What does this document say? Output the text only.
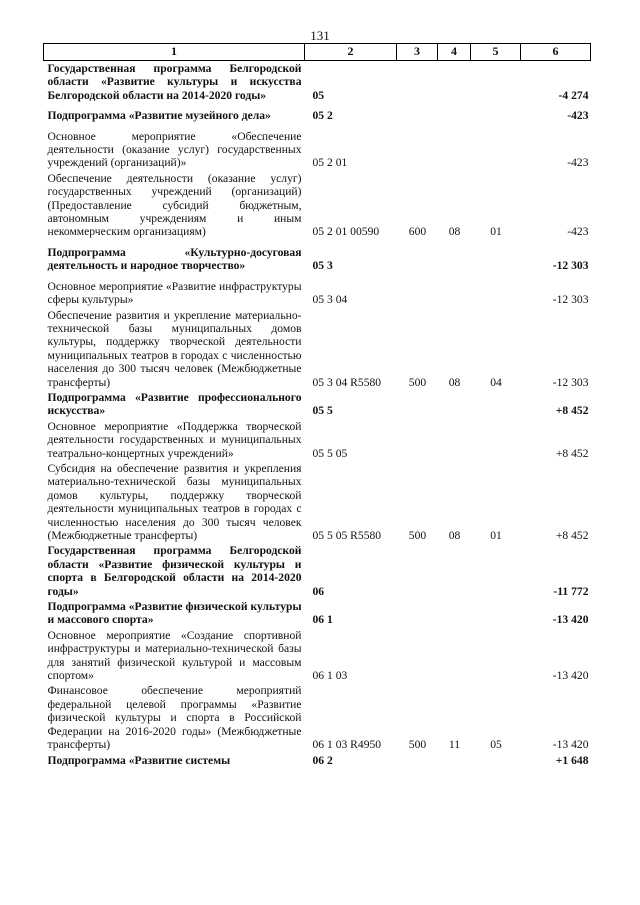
131
1	2	3	4	5	6
Государственная программа Белгородской области «Развитие культуры и искусства Белгородской области на 2014-2020 годы»	05				-4 274
Подпрограмма «Развитие музейного дела»	05 2				-423
Основное мероприятие «Обеспечение деятельности (оказание услуг) государственных учреждений (организаций)»	05 2 01				-423
Обеспечение деятельности (оказание услуг) государственных учреждений (организаций) (Предоставление субсидий бюджетным, автономным учреждениям и иным некоммерческим организациям)	05 2 01 00590	600	08	01	-423
Подпрограмма «Культурно-досуговая деятельность и народное творчество»	05 3				-12 303
Основное мероприятие «Развитие инфраструктуры сферы культуры»	05 3 04				-12 303
Обеспечение развития и укрепление материально-технической базы муниципальных домов культуры, поддержку творческой деятельности муниципальных театров в городах с численностью населения до 300 тысяч человек (Межбюджетные трансферты)	05 3 04 R5580	500	08	04	-12 303
Подпрограмма «Развитие профессионального искусства»	05 5				+8 452
Основное мероприятие «Поддержка творческой деятельности государственных и муниципальных театрально-концертных учреждений»	05 5 05				+8 452
Субсидия на обеспечение развития и укрепления материально-технической базы муниципальных домов культуры, поддержку творческой деятельности муниципальных театров в городах с численностью населения до 300 тысяч человек (Межбюджетные трансферты)	05 5 05 R5580	500	08	01	+8 452
Государственная программа Белгородской области «Развитие физической культуры и спорта в Белгородской области на 2014-2020 годы»	06				-11 772
Подпрограмма «Развитие физической культуры и массового спорта»	06 1				-13 420
Основное мероприятие «Создание спортивной инфраструктуры и материально-технической базы для занятий физической культурой и массовым спортом»	06 1 03				-13 420
Финансовое обеспечение мероприятий федеральной целевой программы «Развитие физической культуры и спорта в Российской Федерации на 2016-2020 годы» (Межбюджетные трансферты)	06 1 03 R4950	500	11	05	-13 420
Подпрограмма «Развитие системы	06 2				+1 648
